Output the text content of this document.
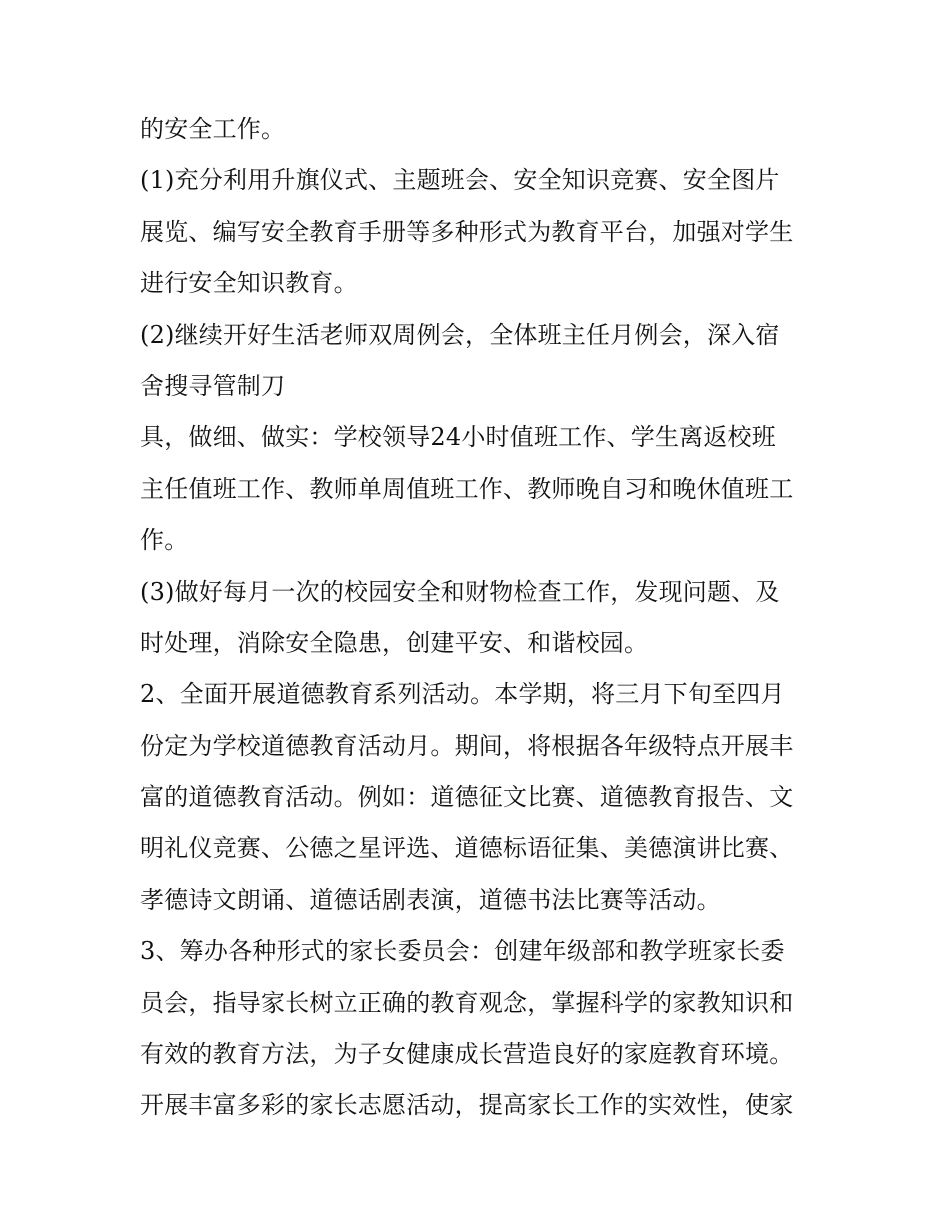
的安全工作。
(1)充分利用升旗仪式、主题班会、安全知识竞赛、安全图片
展览、编写安全教育手册等多种形式为教育平台，加强对学生
进行安全知识教育。
(2)继续开好生活老师双周例会，全体班主任月例会，深入宿
舍搜寻管制刀
具，做细、做实：学校领导24小时值班工作、学生离返校班
主任值班工作、教师单周值班工作、教师晚自习和晚休值班工
作。
(3)做好每月一次的校园安全和财物检查工作，发现问题、及
时处理，消除安全隐患，创建平安、和谐校园。
2、全面开展道德教育系列活动。本学期，将三月下旬至四月
份定为学校道德教育活动月。期间，将根据各年级特点开展丰
富的道德教育活动。例如：道德征文比赛、道德教育报告、文
明礼仪竞赛、公德之星评选、道德标语征集、美德演讲比赛、
孝德诗文朗诵、道德话剧表演，道德书法比赛等活动。
3、筹办各种形式的家长委员会：创建年级部和教学班家长委
员会，指导家长树立正确的教育观念，掌握科学的家教知识和
有效的教育方法，为子女健康成长营造良好的家庭教育环境。
开展丰富多彩的家长志愿活动，提高家长工作的实效性，使家
